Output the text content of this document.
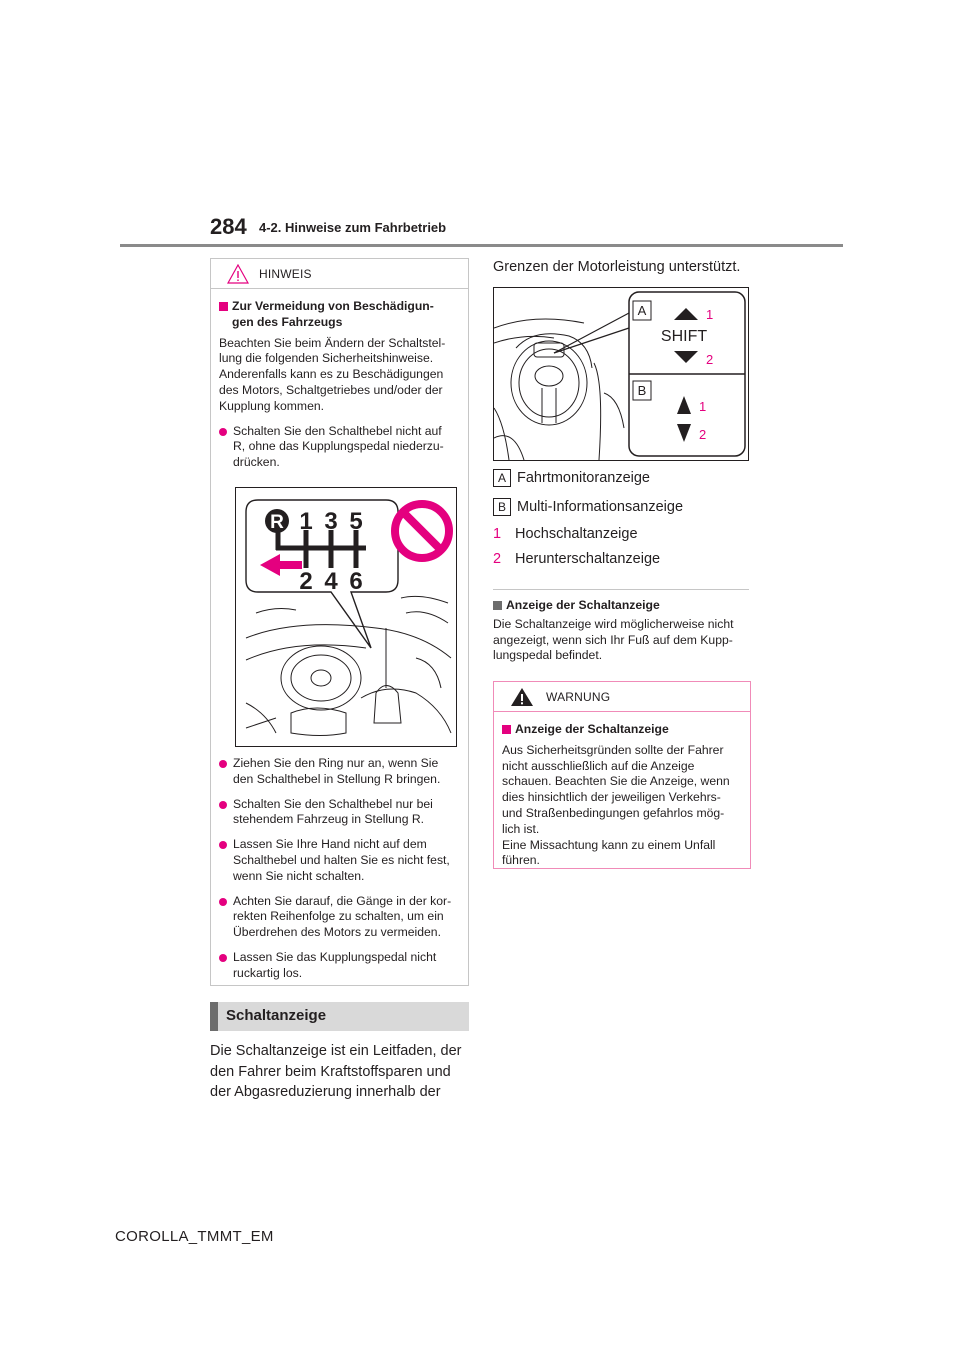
284 4-2. Hinweise zum Fahrbetrieb
HINWEIS
Zur Vermeidung von Beschädigun-gen des Fahrzeugs
Beachten Sie beim Ändern der Schaltstel-lung die folgenden Sicherheitshinweise. Anderenfalls kann es zu Beschädigungen des Motors, Schaltgetriebes und/oder der Kupplung kommen.
Schalten Sie den Schalthebel nicht auf R, ohne das Kupplungspedal niederzu-drücken.
R 1 3 5
2 4 6
Ziehen Sie den Ring nur an, wenn Sie den Schalthebel in Stellung R bringen.
Schalten Sie den Schalthebel nur bei stehendem Fahrzeug in Stellung R.
Lassen Sie Ihre Hand nicht auf dem Schalthebel und halten Sie es nicht fest, wenn Sie nicht schalten.
Achten Sie darauf, die Gänge in der kor-rekten Reihenfolge zu schalten, um ein Überdrehen des Motors zu vermeiden.
Lassen Sie das Kupplungspedal nicht ruckartig los.
Schaltanzeige
Die Schaltanzeige ist ein Leitfaden, der den Fahrer beim Kraftstoffsparen und der Abgasreduzierung innerhalb der
Grenzen der Motorleistung unterstützt.
A
B
1
SHIFT
2
1
2
A Fahrtmonitoranzeige
B Multi-Informationsanzeige
1 Hochschaltanzeige
2 Herunterschaltanzeige
Anzeige der Schaltanzeige
Die Schaltanzeige wird möglicherweise nicht angezeigt, wenn sich Ihr Fuß auf dem Kupp-lungspedal befindet.
WARNUNG
Anzeige der Schaltanzeige
Aus Sicherheitsgründen sollte der Fahrer nicht ausschließlich auf die Anzeige schauen. Beachten Sie die Anzeige, wenn dies hinsichtlich der jeweiligen Verkehrs- und Straßenbedingungen gefahrlos mög-lich ist.
Eine Missachtung kann zu einem Unfall führen.
COROLLA_TMMT_EM
